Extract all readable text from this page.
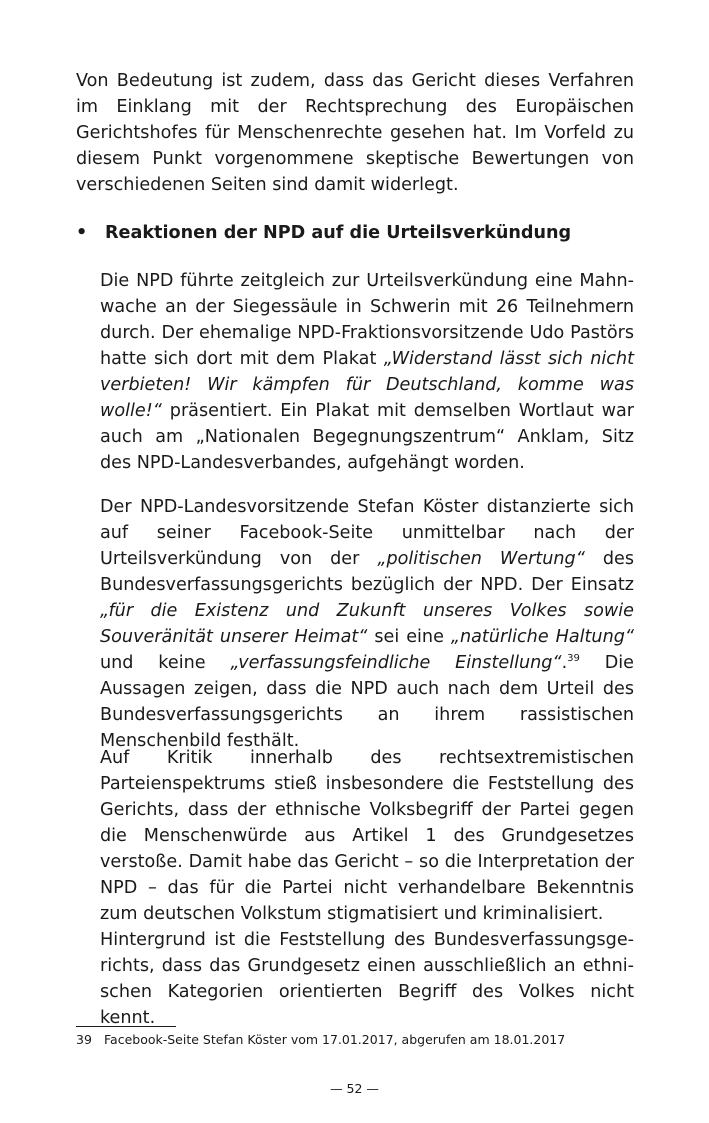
Von Bedeutung ist zudem, dass das Gericht dieses Verfahren im Einklang mit der Rechtsprechung des Europäischen Gerichtshofes für Menschenrechte gesehen hat. Im Vorfeld zu diesem Punkt vorgenommene skeptische Bewertungen von verschiedenen Seiten sind damit widerlegt.

• Reaktionen der NPD auf die Urteilsverkündung

Die NPD führte zeitgleich zur Urteilsverkündung eine Mahnwache an der Siegessäule in Schwerin mit 26 Teilnehmern durch. Der ehemalige NPD-Fraktionsvorsitzende Udo Pastörs hatte sich dort mit dem Plakat „Widerstand lässt sich nicht verbieten! Wir kämpfen für Deutschland, komme was wolle!“ präsentiert. Ein Plakat mit demselben Wortlaut war auch am „Nationalen Begegnungszentrum“ Anklam, Sitz des NPD-Landesverbandes, aufgehängt worden.

Der NPD-Landesvorsitzende Stefan Köster distanzierte sich auf seiner Facebook-Seite unmittelbar nach der Urteilsverkündung von der „politischen Wertung“ des Bundesverfassungsgerichts bezüglich der NPD. Der Einsatz „für die Existenz und Zukunft unseres Volkes sowie Souveränität unserer Heimat“ sei eine „natürliche Haltung“ und keine „verfassungsfeindliche Einstellung“.$^{39}$ Die Aussagen zeigen, dass die NPD auch nach dem Urteil des Bundesverfassungsgerichts an ihrem rassistischen Menschenbild festhält.

Auf Kritik innerhalb des rechtsextremistischen Parteienspektrums stieß insbesondere die Feststellung des Gerichts, dass der ethnische Volksbegriff der Partei gegen die Menschenwürde aus Artikel 1 des Grundgesetzes verstoße. Damit habe das Gericht – so die Interpretation der NPD – das für die Partei nicht verhandelbare Bekenntnis zum deutschen Volkstum stigmatisiert und kriminalisiert.

Hintergrund ist die Feststellung des Bundesverfassungsgerichts, dass das Grundgesetz einen ausschließlich an ethnischen Kategorien orientierten Begriff des Volkes nicht kennt.

39 Facebook-Seite Stefan Köster vom 17.01.2017, abgerufen am 18.01.2017

— 52 —
